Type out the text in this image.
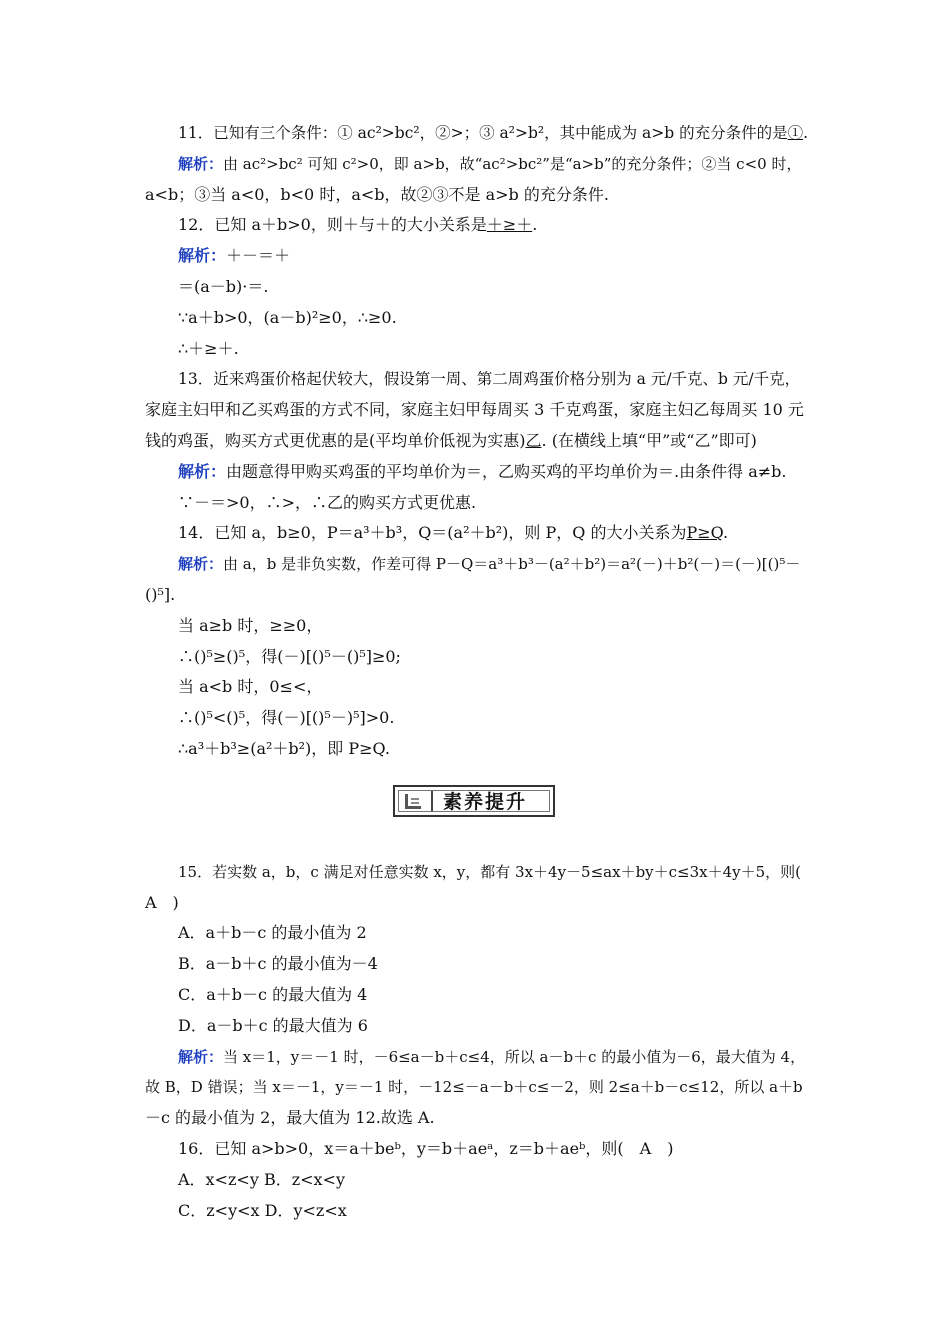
11．已知有三个条件：① ac²>bc²，②>；③ a²>b²，其中能成为 a>b 的充分条件的是①.
解析：由 ac²>bc² 可知 c²>0，即 a>b，故“ac²>bc²”是“a>b”的充分条件；②当 c<0 时，
a<b；③当 a<0，b<0 时，a<b，故②③不是 a>b 的充分条件.
12．已知 a＋b>0，则＋与＋的大小关系是＋≥＋.
解析：＋－＝＋
＝(a－b)·＝.
∵a＋b>0，(a－b)²≥0，∴≥0.
∴＋≥＋.
13．近来鸡蛋价格起伏较大，假设第一周、第二周鸡蛋价格分别为 a 元/千克、b 元/千克，
家庭主妇甲和乙买鸡蛋的方式不同，家庭主妇甲每周买 3 千克鸡蛋，家庭主妇乙每周买 10 元
钱的鸡蛋，购买方式更优惠的是(平均单价低视为实惠)乙. (在横线上填“甲”或“乙”即可)
解析：由题意得甲购买鸡蛋的平均单价为＝，乙购买鸡的平均单价为＝.由条件得 a≠b.
∵－＝>0，∴>，∴乙的购买方式更优惠.
14．已知 a，b≥0，P＝a³＋b³，Q＝(a²＋b²)，则 P，Q 的大小关系为P≥Q.
解析：由 a，b 是非负实数，作差可得 P－Q＝a³＋b³－(a²＋b²)＝a²(－)＋b²(－)＝(－)[()⁵－
()⁵].
当 a≥b 时，≥≥0，
∴()⁵≥()⁵，得(－)[()⁵－()⁵]≥0;
当 a<b 时，0≤<，
∴()⁵<()⁵，得(－)[()⁵－)⁵]>0.
∴a³＋b³≥(a²＋b²)，即 P≥Q.
素养提升
15．若实数 a，b，c 满足对任意实数 x，y，都有 3x＋4y－5≤ax＋by＋c≤3x＋4y＋5，则(
A　)
A．a＋b－c 的最小值为 2
B．a－b＋c 的最小值为－4
C．a＋b－c 的最大值为 4
D．a－b＋c 的最大值为 6
解析：当 x＝1，y＝－1 时，－6≤a－b＋c≤4，所以 a－b＋c 的最小值为－6，最大值为 4，
故 B，D 错误；当 x＝－1，y＝－1 时，－12≤－a－b＋c≤－2，则 2≤a＋b－c≤12，所以 a＋b
－c 的最小值为 2，最大值为 12.故选 A.
16．已知 a>b>0，x＝a＋beᵇ，y＝b＋aeᵃ，z＝b＋aeᵇ，则(　A　)
A．x<z<y B．z<x<y
C．z<y<x D．y<z<x
